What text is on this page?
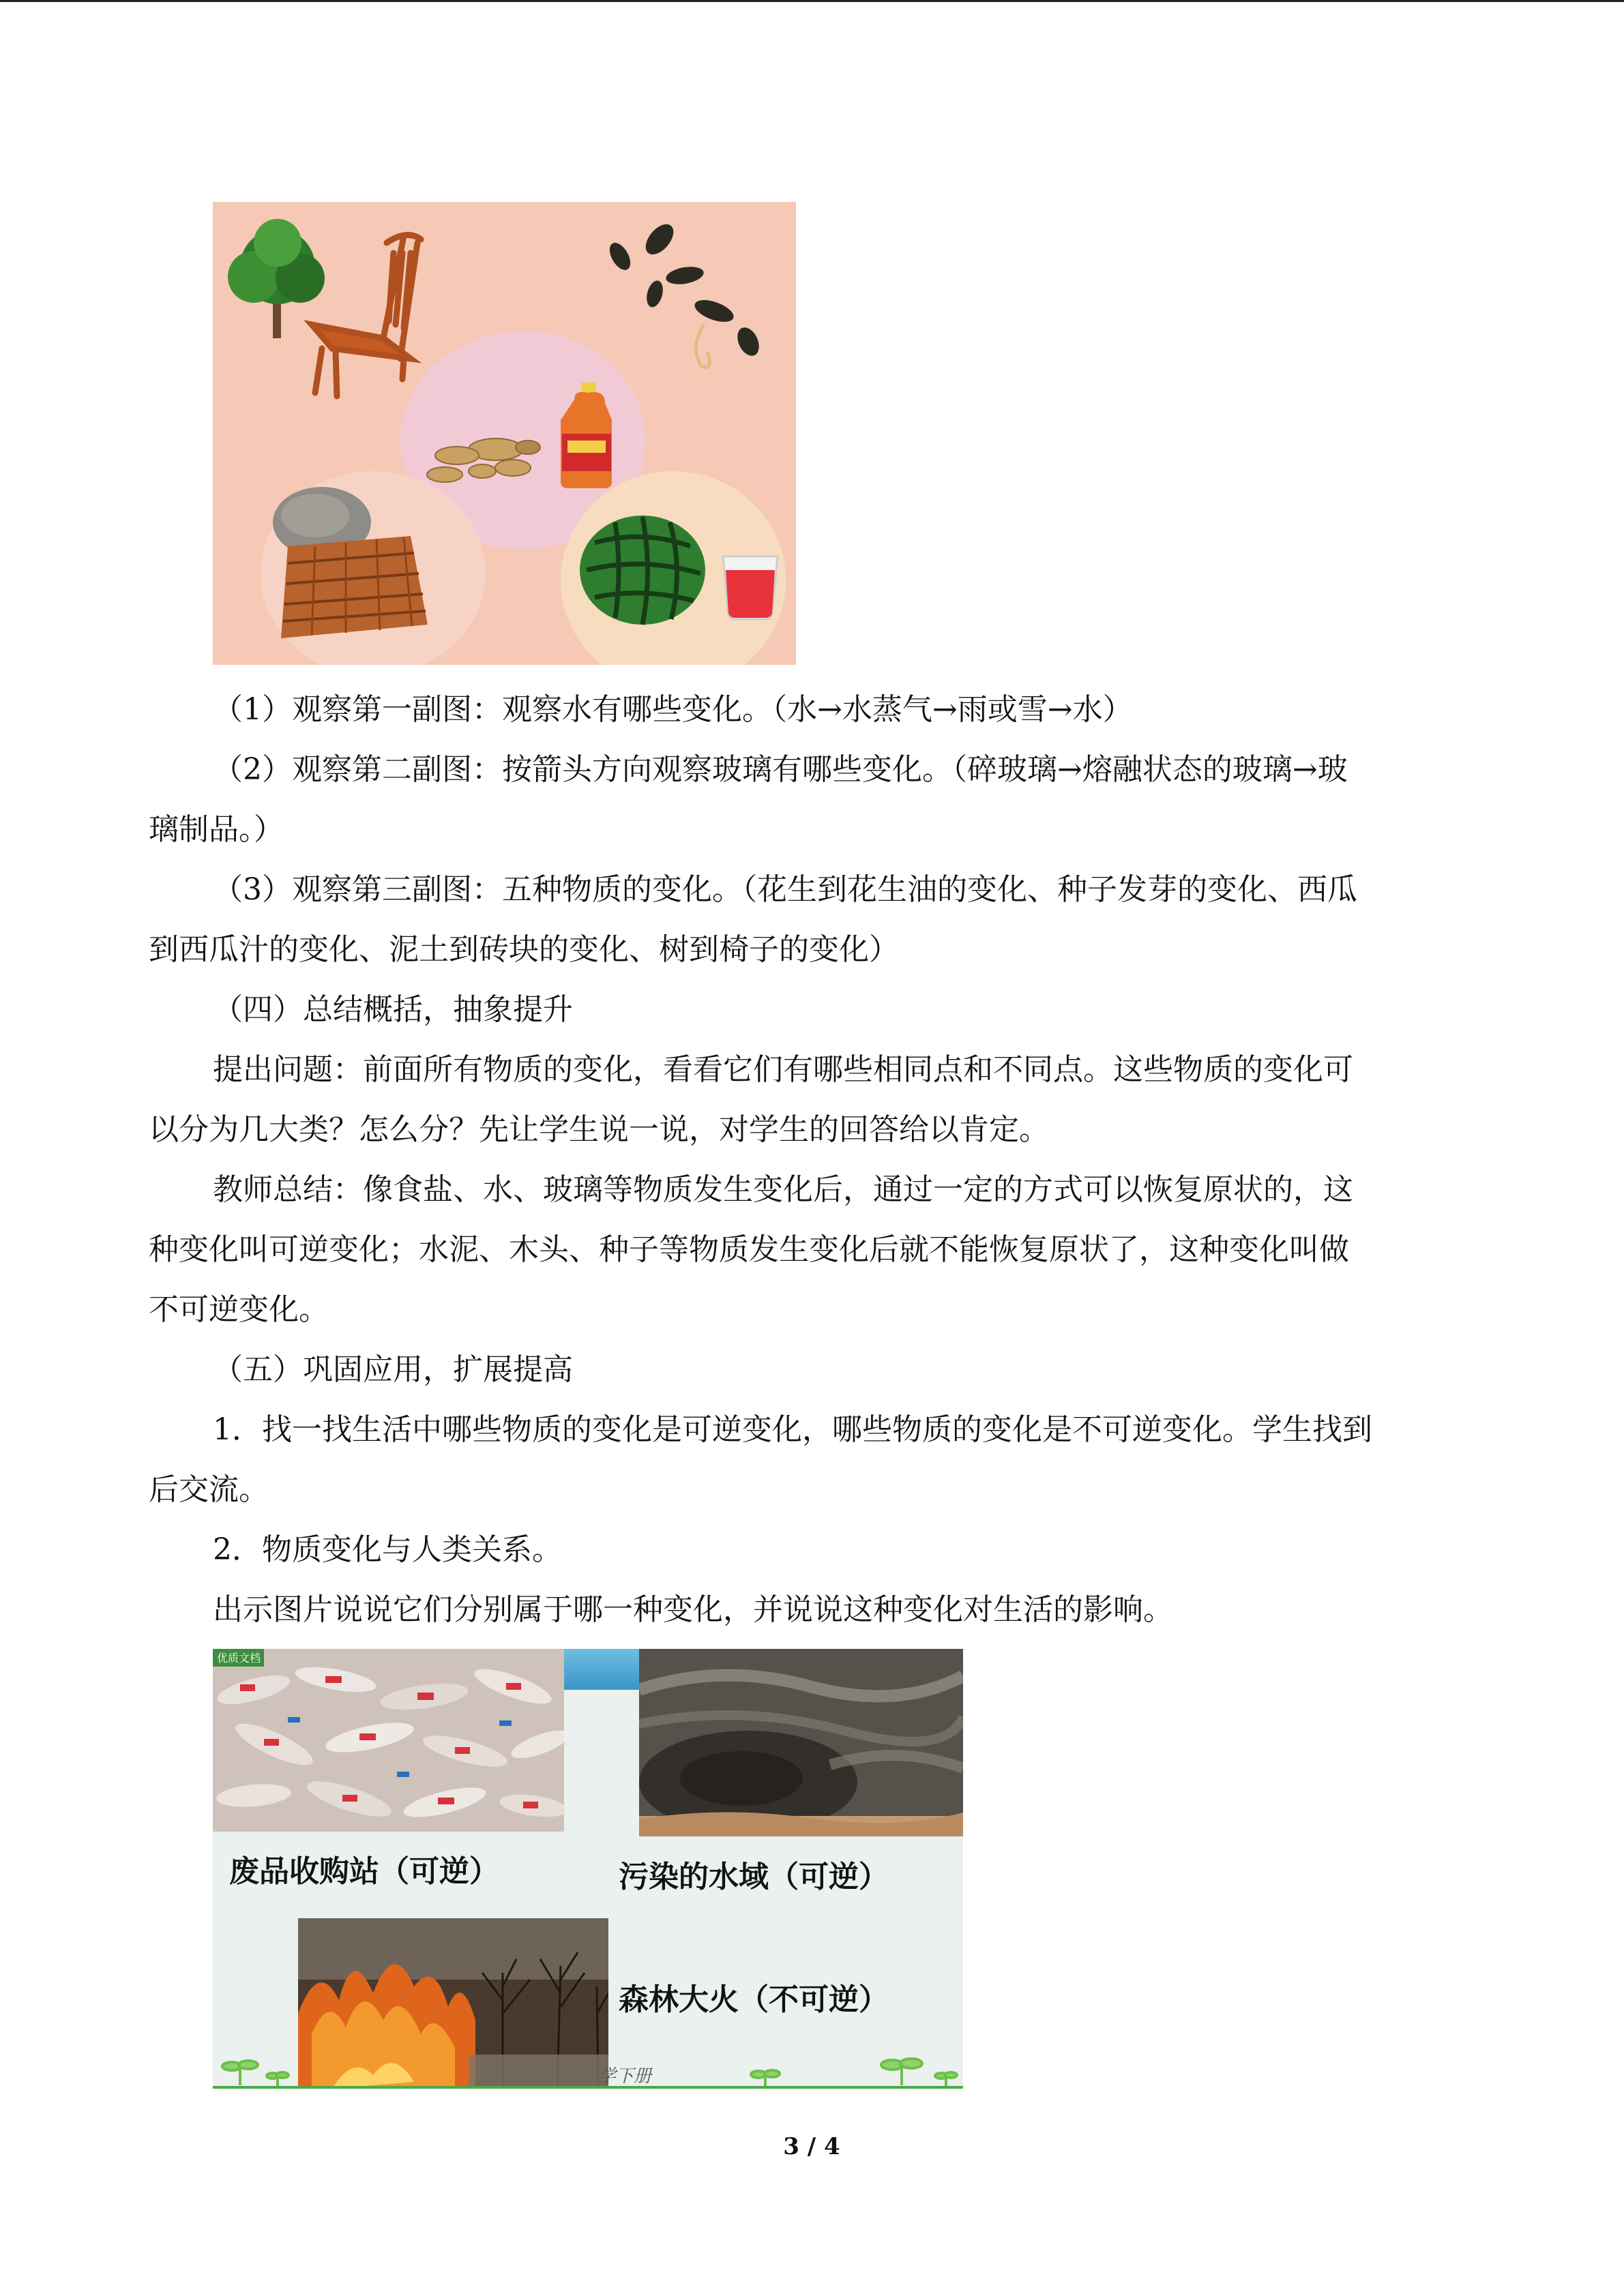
（1）观察第一副图：观察水有哪些变化。（水→水蒸气→雨或雪→水）
（2）观察第二副图：按箭头方向观察玻璃有哪些变化。（碎玻璃→熔融状态的玻璃→玻
璃制品。）
（3）观察第三副图：五种物质的变化。（花生到花生油的变化、种子发芽的变化、西瓜
到西瓜汁的变化、泥土到砖块的变化、树到椅子的变化）
（四）总结概括，抽象提升
提出问题：前面所有物质的变化，看看它们有哪些相同点和不同点。这些物质的变化可
以分为几大类？怎么分？先让学生说一说，对学生的回答给以肯定。
教师总结：像食盐、水、玻璃等物质发生变化后，通过一定的方式可以恢复原状的，这
种变化叫可逆变化；水泥、木头、种子等物质发生变化后就不能恢复原状了，这种变化叫做
不可逆变化。
（五）巩固应用，扩展提高
1．找一找生活中哪些物质的变化是可逆变化，哪些物质的变化是不可逆变化。学生找到
后交流。
2．物质变化与人类关系。
出示图片说说它们分别属于哪一种变化，并说说这种变化对生活的影响。
优质文档
废品收购站（可逆）	污染的水域（可逆）
森林大火（不可逆）
学下册
3 / 4
